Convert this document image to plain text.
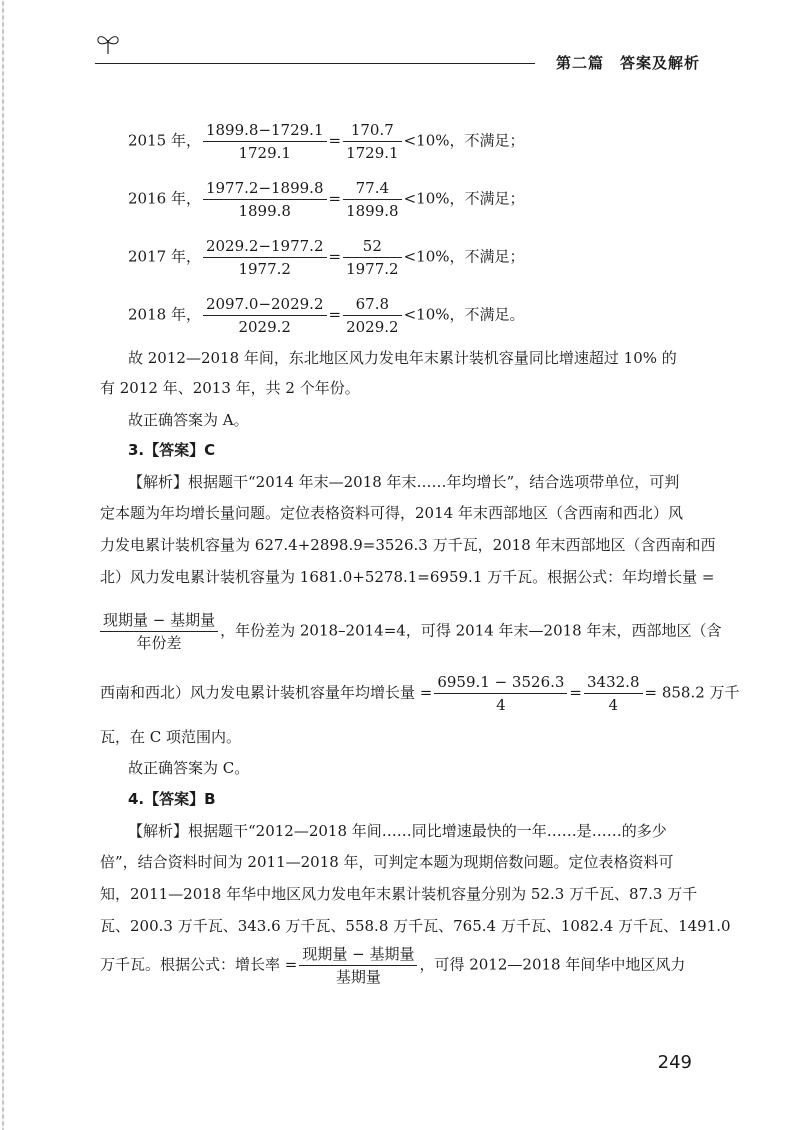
第二篇　答案及解析
2015 年， $\frac{1899.8-1729.1}{1729.1} = \frac{170.7}{1729.1} <10\%$，不满足；
2016 年， $\frac{1977.2-1899.8}{1899.8} = \frac{77.4}{1899.8} <10\%$，不满足；
2017 年， $\frac{2029.2-1977.2}{1977.2} = \frac{52}{1977.2} <10\%$，不满足；
2018 年， $\frac{2097.0-2029.2}{2029.2} = \frac{67.8}{2029.2} <10\%$，不满足。
故 2012—2018 年间，东北地区风力发电年末累计装机容量同比增速超过 10% 的
有 2012 年、2013 年，共 2 个年份。
故正确答案为 A。
3.【答案】C
【解析】根据题干“2014 年末—2018 年末……年均增长”，结合选项带单位，可判
定本题为年均增长量问题。定位表格资料可得，2014 年末西部地区（含西南和西北）风
力发电累计装机容量为 627.4+2898.9=3526.3 万千瓦，2018 年末西部地区（含西南和西
北）风力发电累计装机容量为 1681.0+5278.1=6959.1 万千瓦。根据公式：年均增长量 =
$\frac{\text{现期量 − 基期量}}{\text{年份差}}$ ，年份差为 2018–2014=4，可得 2014 年末—2018 年末，西部地区（含
西南和西北）风力发电累计装机容量年均增长量 = $\frac{6959.1 - 3526.3}{4} = \frac{3432.8}{4} = 858.2$ 万千
瓦，在 C 项范围内。
故正确答案为 C。
4.【答案】B
【解析】根据题干“2012—2018 年间……同比增速最快的一年……是……的多少
倍”，结合资料时间为 2011—2018 年，可判定本题为现期倍数问题。定位表格资料可
知，2011—2018 年华中地区风力发电年末累计装机容量分别为 52.3 万千瓦、87.3 万千
瓦、200.3 万千瓦、343.6 万千瓦、558.8 万千瓦、765.4 万千瓦、1082.4 万千瓦、1491.0
万千瓦。根据公式：增长率 = $\frac{\text{现期量 − 基期量}}{\text{基期量}}$ ，可得 2012—2018 年间华中地区风力
249
